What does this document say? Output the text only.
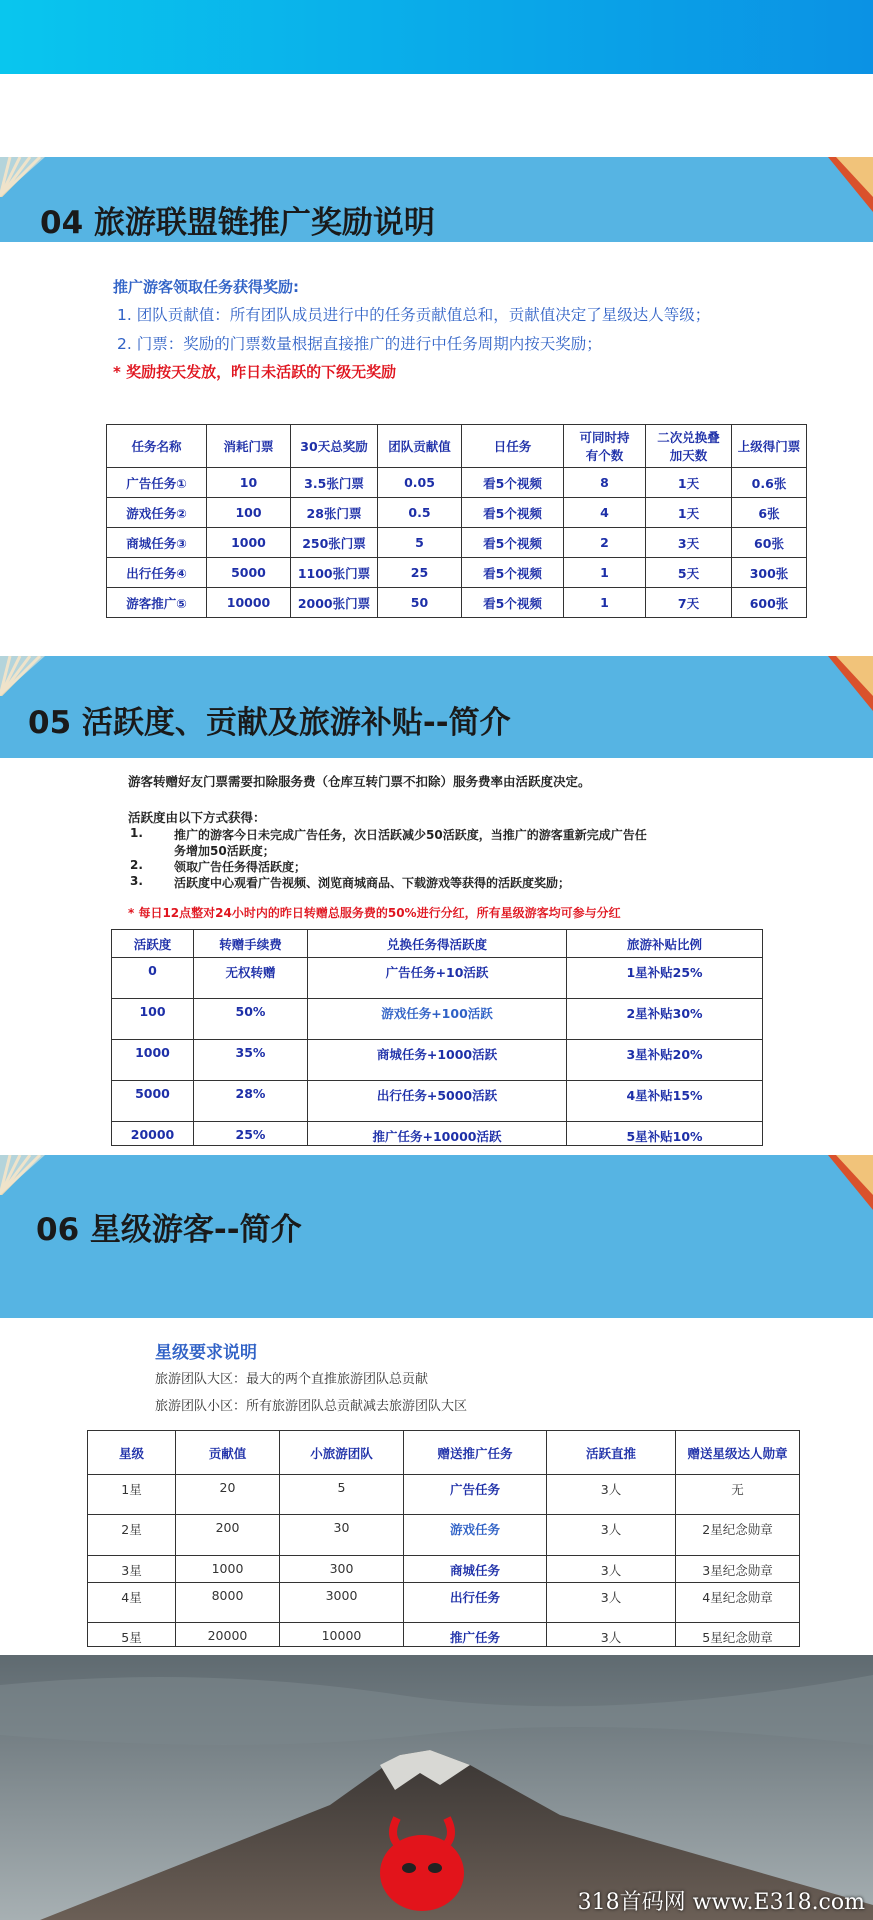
04 旅游联盟链推广奖励说明
推广游客领取任务获得奖励:
1. 团队贡献值：所有团队成员进行中的任务贡献值总和，贡献值决定了星级达人等级；
2. 门票：奖励的门票数量根据直接推广的进行中任务周期内按天奖励；
* 奖励按天发放，昨日未活跃的下级无奖励
任务名称	消耗门票	30天总奖励	团队贡献值	日任务	可同时持有个数	二次兑换叠加天数	上级得门票
广告任务①	10	3.5张门票	0.05	看5个视频	8	1天	0.6张
游戏任务②	100	28张门票	0.5	看5个视频	4	1天	6张
商城任务③	1000	250张门票	5	看5个视频	2	3天	60张
出行任务④	5000	1100张门票	25	看5个视频	1	5天	300张
游客推广⑤	10000	2000张门票	50	看5个视频	1	7天	600张
05 活跃度、贡献及旅游补贴--简介
游客转赠好友门票需要扣除服务费（仓库互转门票不扣除）服务费率由活跃度决定。
活跃度由以下方式获得：
1.	推广的游客今日未完成广告任务，次日活跃减少50活跃度，当推广的游客重新完成广告任
务增加50活跃度；
2.	领取广告任务得活跃度；
3.	活跃度中心观看广告视频、浏览商城商品、下载游戏等获得的活跃度奖励；
* 每日12点整对24小时内的昨日转赠总服务费的50%进行分红，所有星级游客均可参与分红
活跃度	转赠手续费	兑换任务得活跃度	旅游补贴比例
0	无权转赠	广告任务+10活跃	1星补贴25%
100	50%	游戏任务+100活跃	2星补贴30%
1000	35%	商城任务+1000活跃	3星补贴20%
5000	28%	出行任务+5000活跃	4星补贴15%
20000	25%	推广任务+10000活跃	5星补贴10%
06 星级游客--简介
星级要求说明
旅游团队大区：最大的两个直推旅游团队总贡献
旅游团队小区：所有旅游团队总贡献减去旅游团队大区
星级	贡献值	小旅游团队	赠送推广任务	活跃直推	赠送星级达人勋章
1星	20	5	广告任务	3人	无
2星	200	30	游戏任务	3人	2星纪念勋章
3星	1000	300	商城任务	3人	3星纪念勋章
4星	8000	3000	出行任务	3人	4星纪念勋章
5星	20000	10000	推广任务	3人	5星纪念勋章
318首码网 www.E318.com
